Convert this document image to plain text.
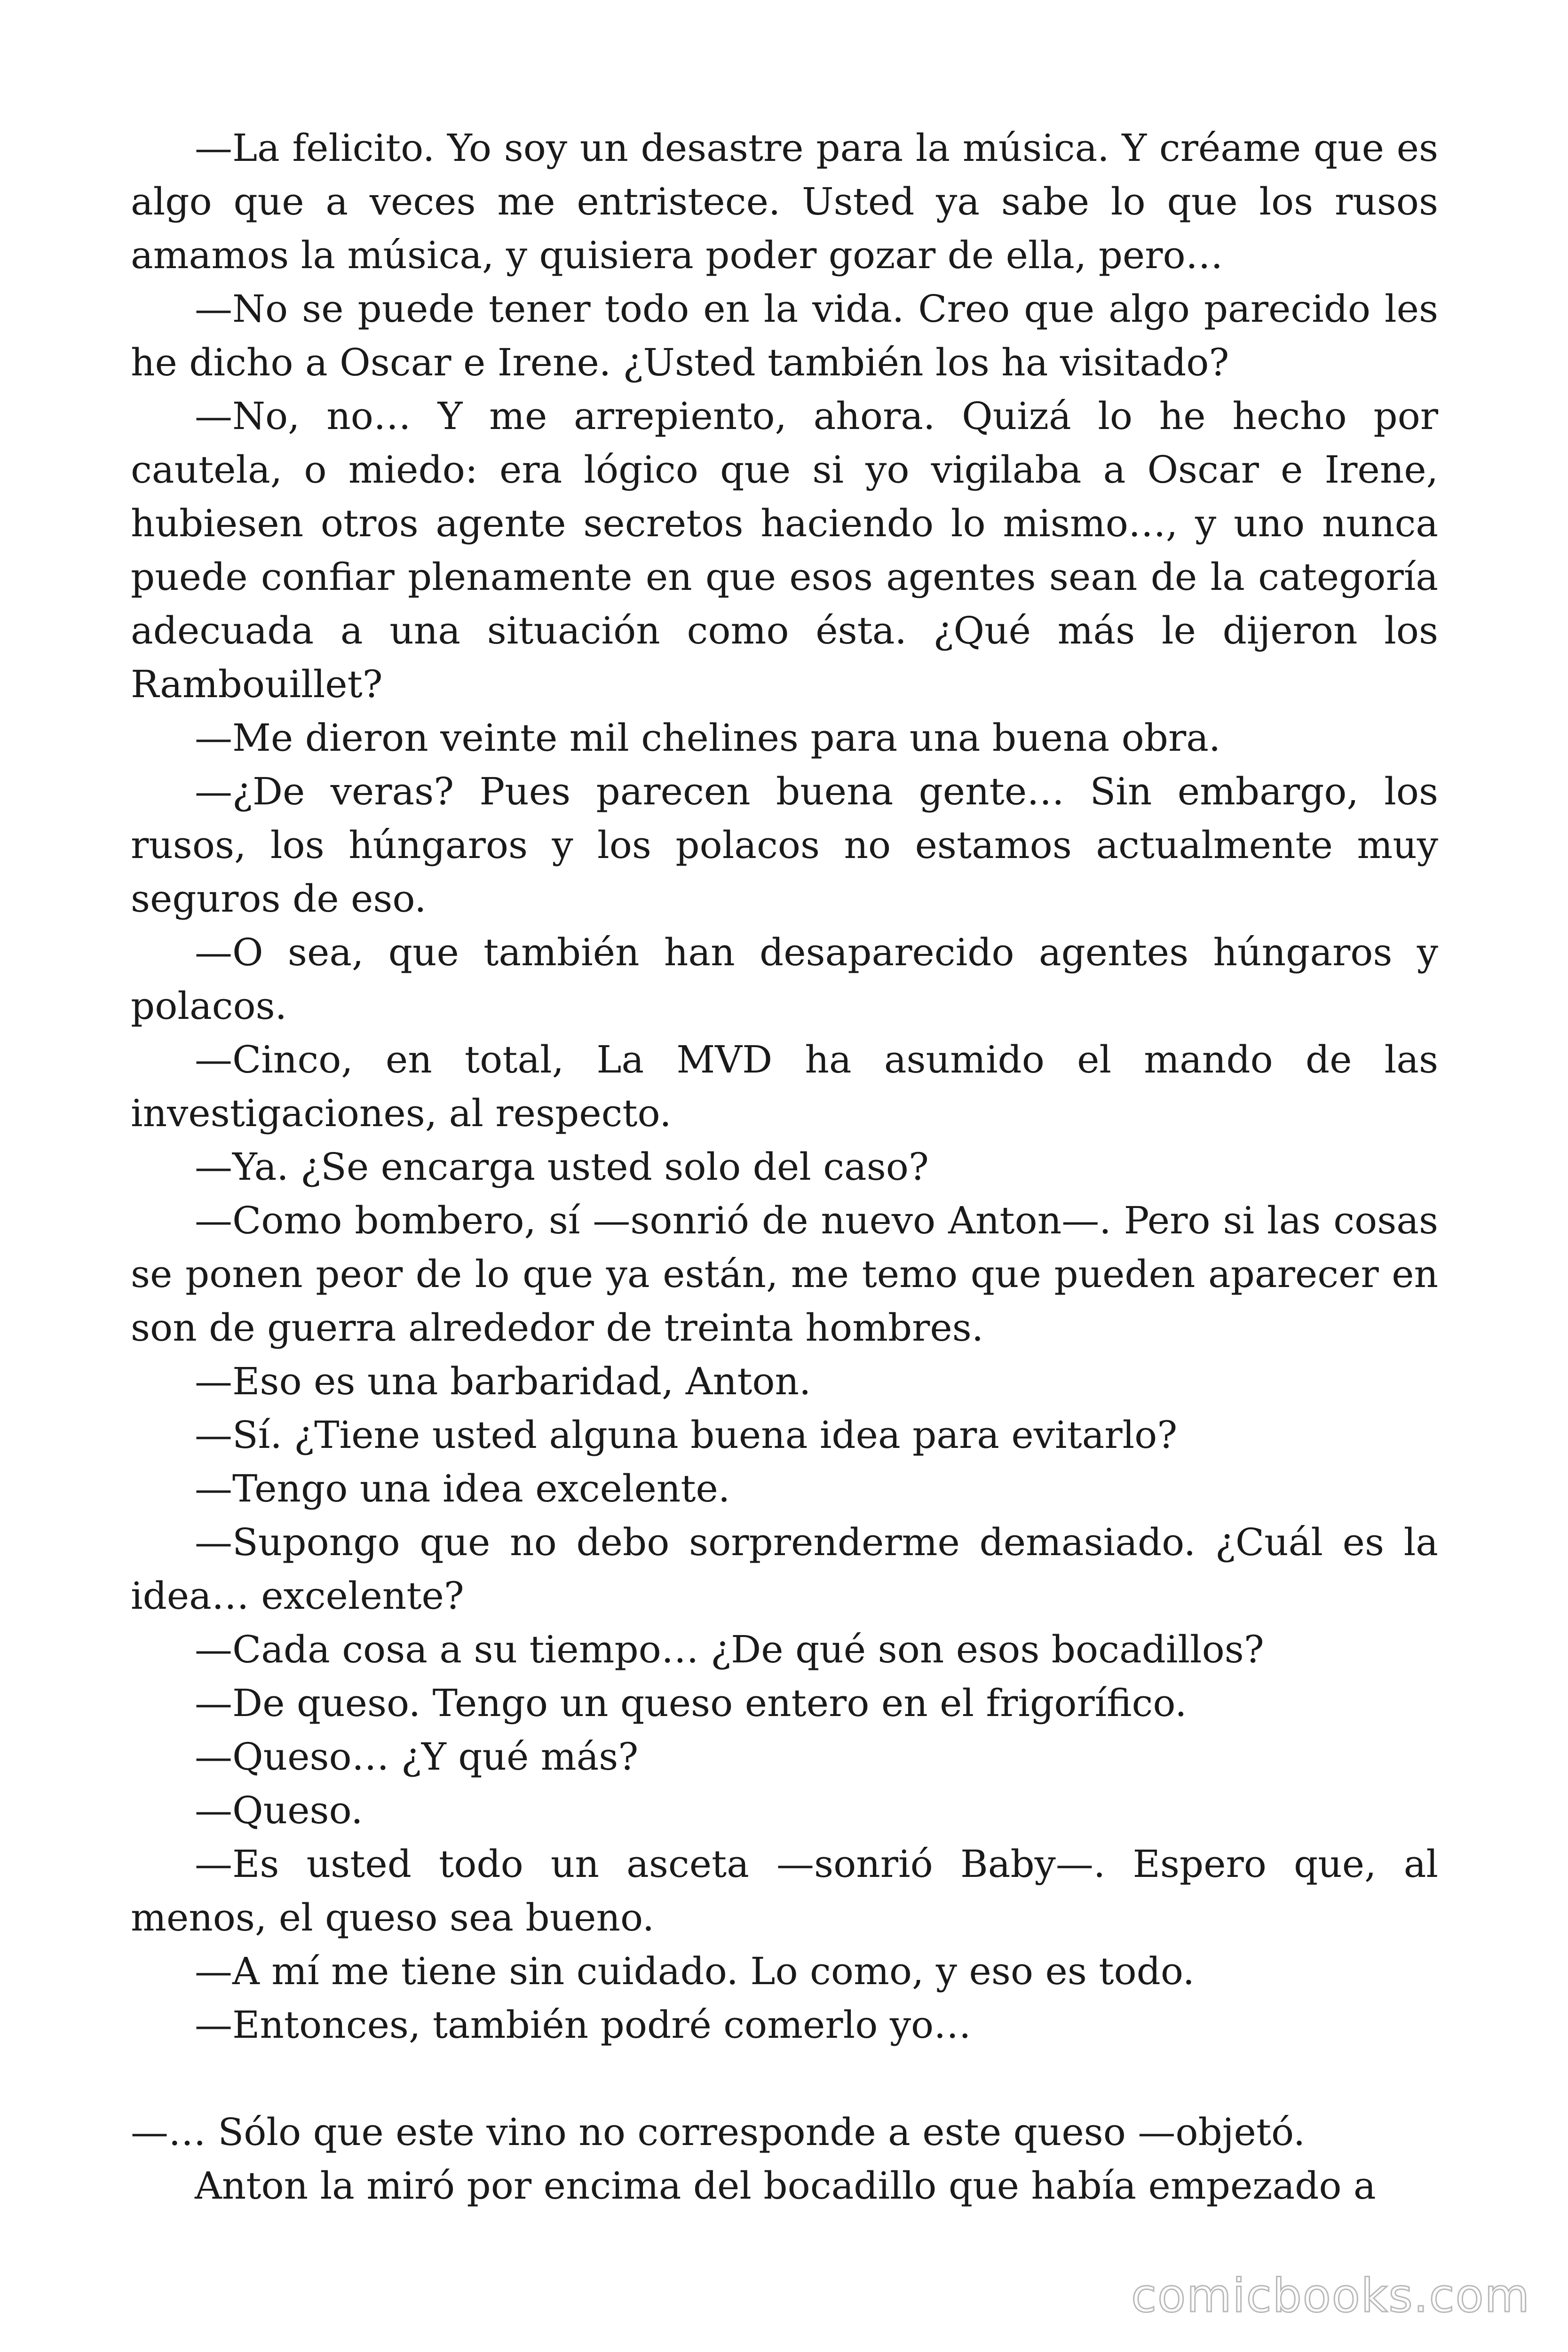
—La felicito. Yo soy un desastre para la música. Y créame que es algo que a veces me entristece. Usted ya sabe lo que los rusos amamos la música, y quisiera poder gozar de ella, pero…

—No se puede tener todo en la vida. Creo que algo parecido les he dicho a Oscar e Irene. ¿Usted también los ha visitado?

—No, no… Y me arrepiento, ahora. Quizá lo he hecho por cautela, o miedo: era lógico que si yo vigilaba a Oscar e Irene, hubiesen otros agente secretos haciendo lo mismo…, y uno nunca puede confiar plenamente en que esos agentes sean de la categoría adecuada a una situación como ésta. ¿Qué más le dijeron los Rambouillet?

—Me dieron veinte mil chelines para una buena obra.

—¿De veras? Pues parecen buena gente… Sin embargo, los rusos, los húngaros y los polacos no estamos actualmente muy seguros de eso.

—O sea, que también han desaparecido agentes húngaros y polacos.

—Cinco, en total, La MVD ha asumido el mando de las investigaciones, al respecto.

—Ya. ¿Se encarga usted solo del caso?

—Como bombero, sí —sonrió de nuevo Anton—. Pero si las cosas se ponen peor de lo que ya están, me temo que pueden aparecer en son de guerra alrededor de treinta hombres.

—Eso es una barbaridad, Anton.

—Sí. ¿Tiene usted alguna buena idea para evitarlo?

—Tengo una idea excelente.

—Supongo que no debo sorprenderme demasiado. ¿Cuál es la idea… excelente?

—Cada cosa a su tiempo… ¿De qué son esos bocadillos?

—De queso. Tengo un queso entero en el frigorífico.

—Queso… ¿Y qué más?

—Queso.

—Es usted todo un asceta —sonrió Baby—. Espero que, al menos, el queso sea bueno.

—A mí me tiene sin cuidado. Lo como, y eso es todo.

—Entonces, también podré comerlo yo…

—… Sólo que este vino no corresponde a este queso —objetó.

Anton la miró por encima del bocadillo que había empezado a

comicbooks.com
